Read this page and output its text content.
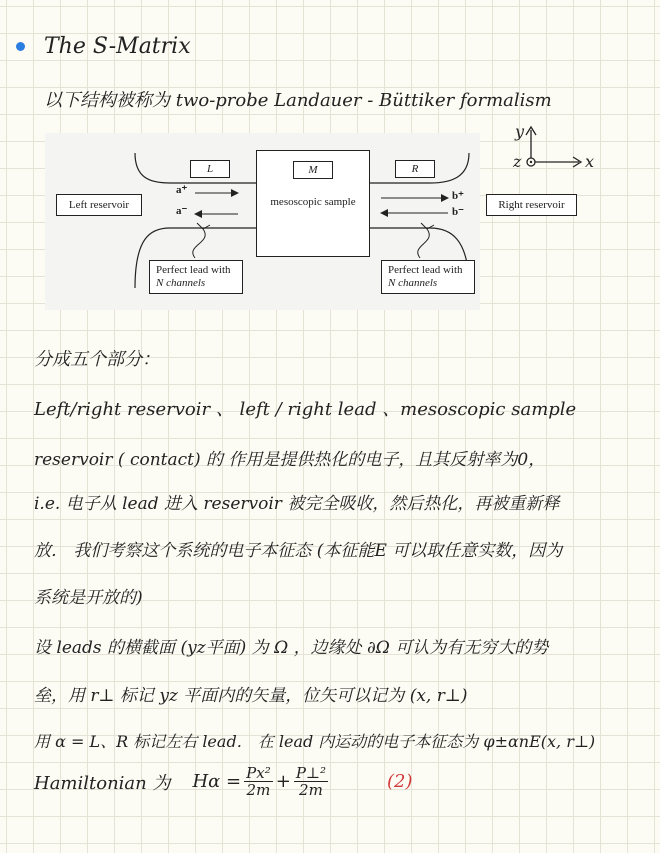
The S-Matrix
以下结构被称为 two-probe Landauer - Büttiker formalism
Left reservoir
L	M
mesoscopic sample
R
a⁺
a⁻
b⁺
b⁻
Perfect lead with
N channels
Perfect lead with
N channels
Right reservoir
y
z	x
分成五个部分：
Left/right reservoir 、 left / right lead 、mesoscopic sample
reservoir ( contact) 的 作用是提供热化的电子，且其反射率为0，
i.e. 电子从 lead 进入 reservoir 被完全吸收，然后热化，再被重新释
放． 我们考察这个系统的电子本征态 (本征能E 可以取任意实数，因为
系统是开放的)
设 leads 的横截面 (yz平面) 为 Ω ，边缘处 ∂Ω 可认为有无穷大的势
垒，用 r⊥ 标记 yz 平面内的矢量，位矢可以记为 (x, r⊥)
用 α = L、R 标记左右 lead． 在 lead 内运动的电子本征态为 φ±αnE(x, r⊥)
Hamiltonian 为 $H\alpha = \frac{\text{Px²}}{2m} + \frac{\text{P⊥²}}{2m}$	(2)
